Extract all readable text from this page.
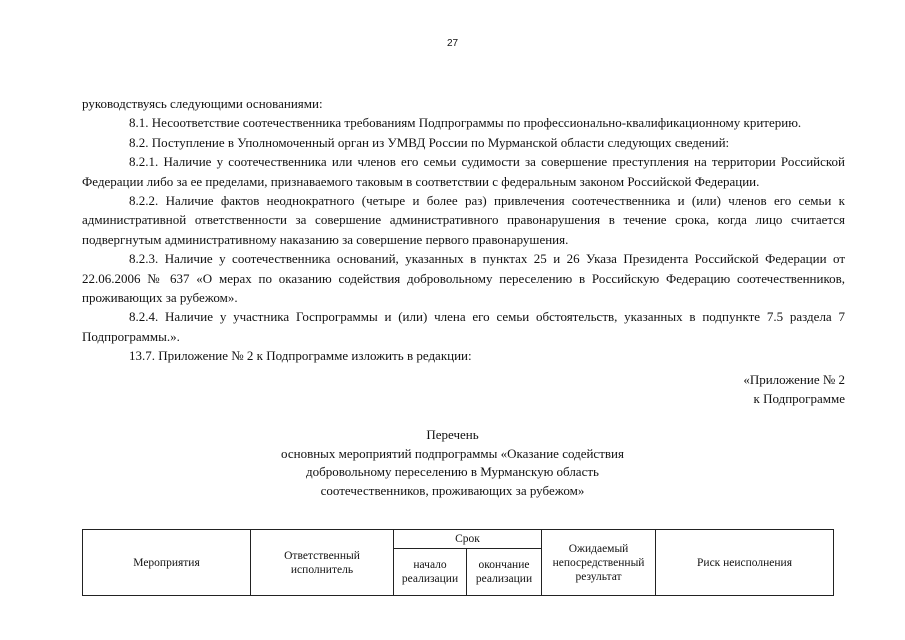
27

руководствуясь следующими основаниями:

8.1. Несоответствие соотечественника требованиям Подпрограммы по профессионально-квалификационному критерию.

8.2. Поступление в Уполномоченный орган из УМВД России по Мурманской области следующих сведений:

8.2.1. Наличие у соотечественника или членов его семьи судимости за совершение преступления на территории Российской Федерации либо за ее пределами, признаваемого таковым в соответствии с федеральным законом Российской Федерации.

8.2.2. Наличие фактов неоднократного (четыре и более раз) привлечения соотечественника и (или) членов его семьи к административной ответственности за совершение административного правонарушения в течение срока, когда лицо считается подвергнутым административному наказанию за совершение первого правонарушения.

8.2.3. Наличие у соотечественника оснований, указанных в пунктах 25 и 26 Указа Президента Российской Федерации от 22.06.2006 № 637 «О мерах по оказанию содействия добровольному переселению в Российскую Федерацию соотечественников, проживающих за рубежом».

8.2.4. Наличие у участника Госпрограммы и (или) члена его семьи обстоятельств, указанных в подпункте 7.5 раздела 7 Подпрограммы.».

13.7. Приложение № 2 к Подпрограмме изложить в редакции:

«Приложение № 2
к Подпрограмме
Перечень
основных мероприятий подпрограммы «Оказание содействия
добровольному переселению в Мурманскую область
соотечественников, проживающих за рубежом»
Мероприятия	Ответственный исполнитель	Срок		Ожидаемый непосредственный результат	Риск неисполнения
		начало реализации	окончание реализации		
